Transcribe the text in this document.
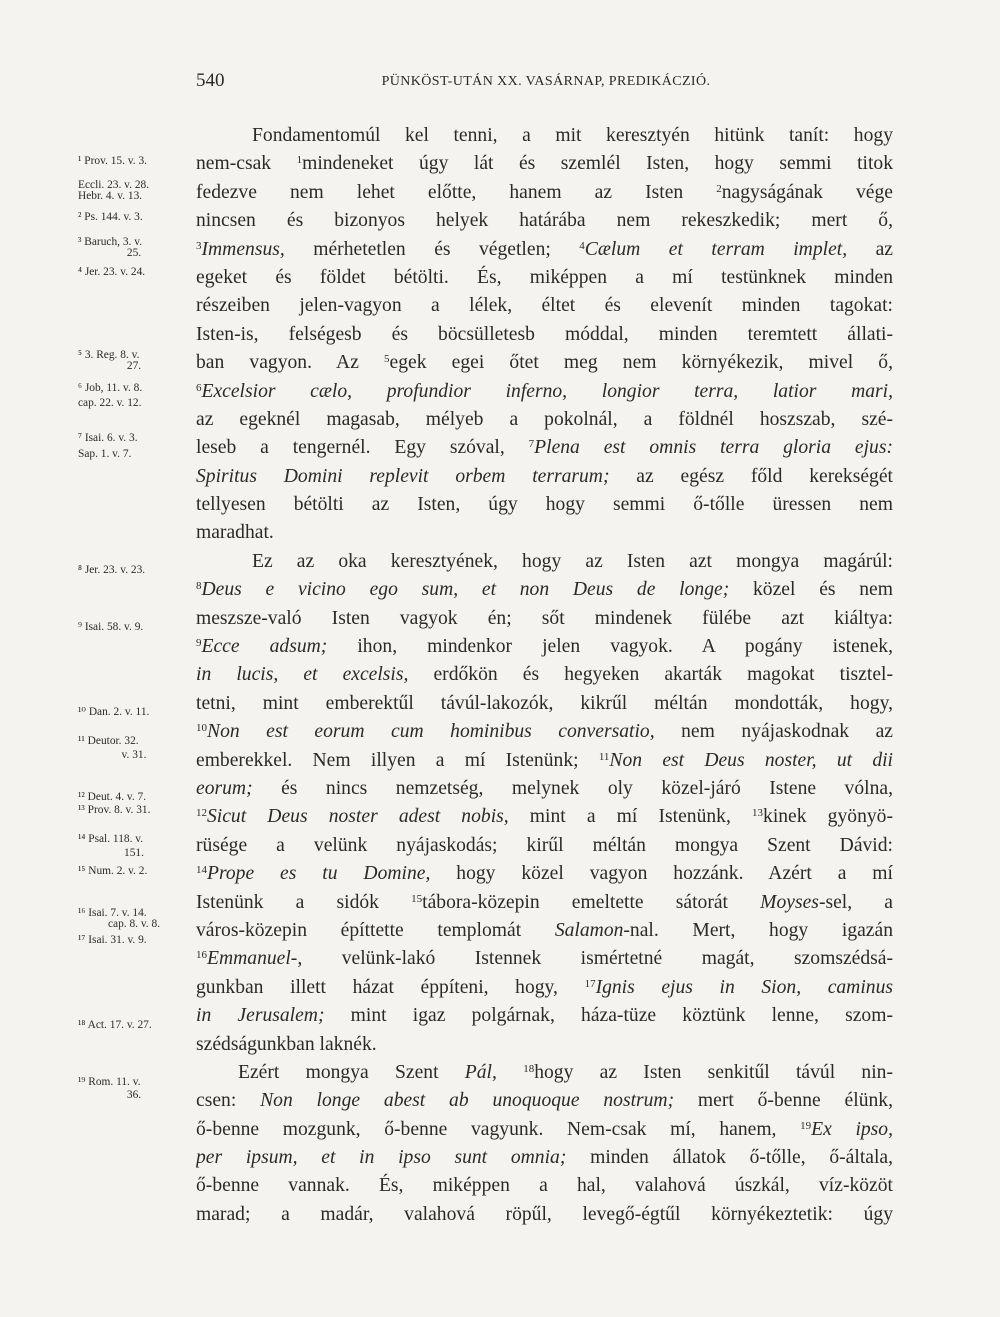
540	PÜNKÖST-UTÁN XX. VASÁRNAP, PREDIKÁCZIÓ.
Fondamentomúl kel tenni, a mit keresztyén hitünk tanít: hogy
nem-csak $^1$mindeneket úgy lát és szemlél Isten, hogy semmi titok
fedezve nem lehet előtte, hanem az Isten $^2$nagyságának vége
nincsen és bizonyos helyek határába nem rekeszkedik; mert ő,
$^3$Immensus, mérhetetlen és végetlen; $^4$Cælum et terram implet, az
egeket és földet bétölti. És, miképpen a mí testünknek minden
részeiben jelen-vagyon a lélek, éltet és elevenít minden tagokat:
Isten-is, felségesb és böcsülletesb móddal, minden teremtett állati-
ban vagyon. Az $^5$egek egei őtet meg nem környékezik, mivel ő,
$^6$Excelsior cælo, profundior inferno, longior terra, latior mari,
az egeknél magasab, mélyeb a pokolnál, a földnél hoszszab, szé-
leseb a tengernél. Egy szóval, $^7$Plena est omnis terra gloria ejus:
Spiritus Domini replevit orbem terrarum; az egész főld kerekségét
tellyesen bétölti az Isten, úgy hogy semmi ő-tőlle üressen nem
maradhat.
Ez az oka keresztyének, hogy az Isten azt mongya magárúl:
$^8$Deus e vicino ego sum, et non Deus de longe; közel és nem
meszsze-való Isten vagyok én; sőt mindenek fülébe azt kiáltya:
$^9$Ecce adsum; ihon, mindenkor jelen vagyok. A pogány istenek,
in lucis, et excelsis, erdőkön és hegyeken akarták magokat tisztel-
tetni, mint emberektűl távúl-lakozók, kikrűl méltán mondották, hogy,
$^{10}$Non est eorum cum hominibus conversatio, nem nyájaskodnak az
emberekkel. Nem illyen a mí Istenünk; $^{11}$Non est Deus noster, ut dii
eorum; és nincs nemzetség, melynek oly közel-járó Istene vólna,
$^{12}$Sicut Deus noster adest nobis, mint a mí Istenünk, $^{13}$kinek gyönyö-
rüsége a velünk nyájaskodás; kirűl méltán mongya Szent Dávid:
$^{14}$Prope es tu Domine, hogy közel vagyon hozzánk. Azért a mí
Istenünk a sidók $^{15}$tábora-közepin emeltette sátorát Moyses-sel, a
város-közepin építtette templomát Salamon-nal. Mert, hogy igazán
$^{16}$Emmanuel-, velünk-lakó Istennek ismértetné magát, szomszédsá-
gunkban illett házat éppíteni, hogy, $^{17}$Ignis ejus in Sion, caminus
in Jerusalem; mint igaz polgárnak, háza-tüze köztünk lenne, szom-
szédságunkban laknék.
Ezért mongya Szent Pál, $^{18}$hogy az Isten senkitűl távúl nin-
csen: Non longe abest ab unoquoque nostrum; mert ő-benne élünk,
ő-benne mozgunk, ő-benne vagyunk. Nem-csak mí, hanem, $^{19}$Ex ipso,
per ipsum, et in ipso sunt omnia; minden állatok ő-tőlle, ő-általa,
ő-benne vannak. És, miképpen a hal, valahová úszkál, víz-közöt
marad; a madár, valahová röpűl, levegő-égtűl környékeztetik: úgy
¹ Prov. 15. v. 3.
Eccli. 23. v. 28.
Hebr. 4. v. 13.
² Ps. 144. v. 3.
³ Baruch, 3. v.
25.
⁴ Jer. 23. v. 24.
⁵ 3. Reg. 8. v.
27.
⁶ Job, 11. v. 8.
cap. 22. v. 12.
⁷ Isai. 6. v. 3.
Sap. 1. v. 7.
⁸ Jer. 23. v. 23.
⁹ Isai. 58. v. 9.
¹⁰ Dan. 2. v. 11.
¹¹ Deutor. 32.
v. 31.
¹² Deut. 4. v. 7.
¹³ Prov. 8. v. 31.
¹⁴ Psal. 118. v.
151.
¹⁵ Num. 2. v. 2.
¹⁶ Isai. 7. v. 14.
cap. 8. v. 8.
¹⁷ Isai. 31. v. 9.
¹⁸ Act. 17. v. 27.
¹⁹ Rom. 11. v.
36.
